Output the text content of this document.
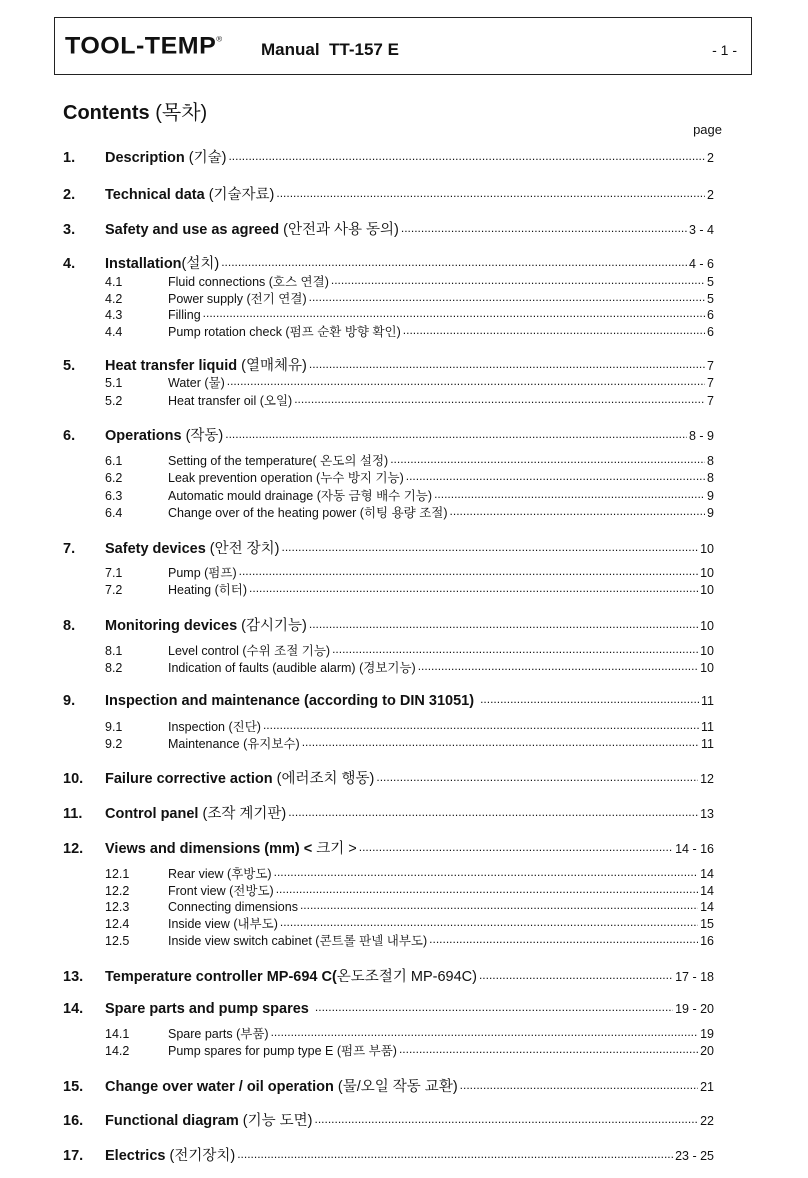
TOOL-TEMP®
Manual  TT-157 E	- 1 -
Contents (목차)
page
1.	Description (기술) .....	2
2.	Technical data (기술자료) .....	2
3.	Safety and use as agreed (안전과 사용 동의) .....	3 - 4
4.	Installation(설치) .....	4 - 6
4.1	Fluid connections (호스 연결) .....	5
4.2	Power supply (전기 연결) .....	5
4.3	Filling .....	6
4.4	Pump rotation check (펌프 순환 방향 확인) .....	6
5.	Heat transfer liquid (열매체유) .....	7
5.1	Water (물) .....	7
5.2	Heat transfer oil (오일) .....	7
6.	Operations (작동) .....	8 - 9
6.1	Setting of the temperature( 온도의 설정) .....	8
6.2	Leak prevention operation (누수 방지 기능) .....	8
6.3	Automatic mould drainage (자동 금형 배수 기능) .....	9
6.4	Change over of the heating power (히팅 용량 조절) .....	9
7.	Safety devices (안전 장치) .....	10
7.1	Pump (펌프) .....	10
7.2	Heating (히터) .....	10
8.	Monitoring devices (감시기능) .....	10
8.1	Level control (수위 조절 기능) .....	10
8.2	Indication of faults (audible alarm) (경보기능) .....	10
9.	Inspection and maintenance (according to DIN 31051) .....	11
9.1	Inspection (진단) .....	11
9.2	Maintenance (유지보수) .....	11
10.	Failure corrective action (에러조치 행동) .....	12
11.	Control panel (조작 계기판) .....	13
12.	Views and dimensions (mm) < 크기 > .....	14 - 16
12.1	Rear view (후방도) .....	14
12.2	Front view (전방도) .....	14
12.3	Connecting dimensions .....	14
12.4	Inside view (내부도) .....	15
12.5	Inside view switch cabinet (콘트롤 판넬 내부도) .....	16
13.	Temperature controller MP-694 C(온도조절기 MP-694C) .....	17 - 18
14.	Spare parts and pump spares .....	19 - 20
14.1	Spare parts (부품) .....	19
14.2	Pump spares for pump type E (펌프 부품) .....	20
15.	Change over water / oil operation (물/오일 작동 교환) .....	21
16.	Functional diagram (기능 도면) .....	22
17.	Electrics (전기장치) .....	23 - 25
